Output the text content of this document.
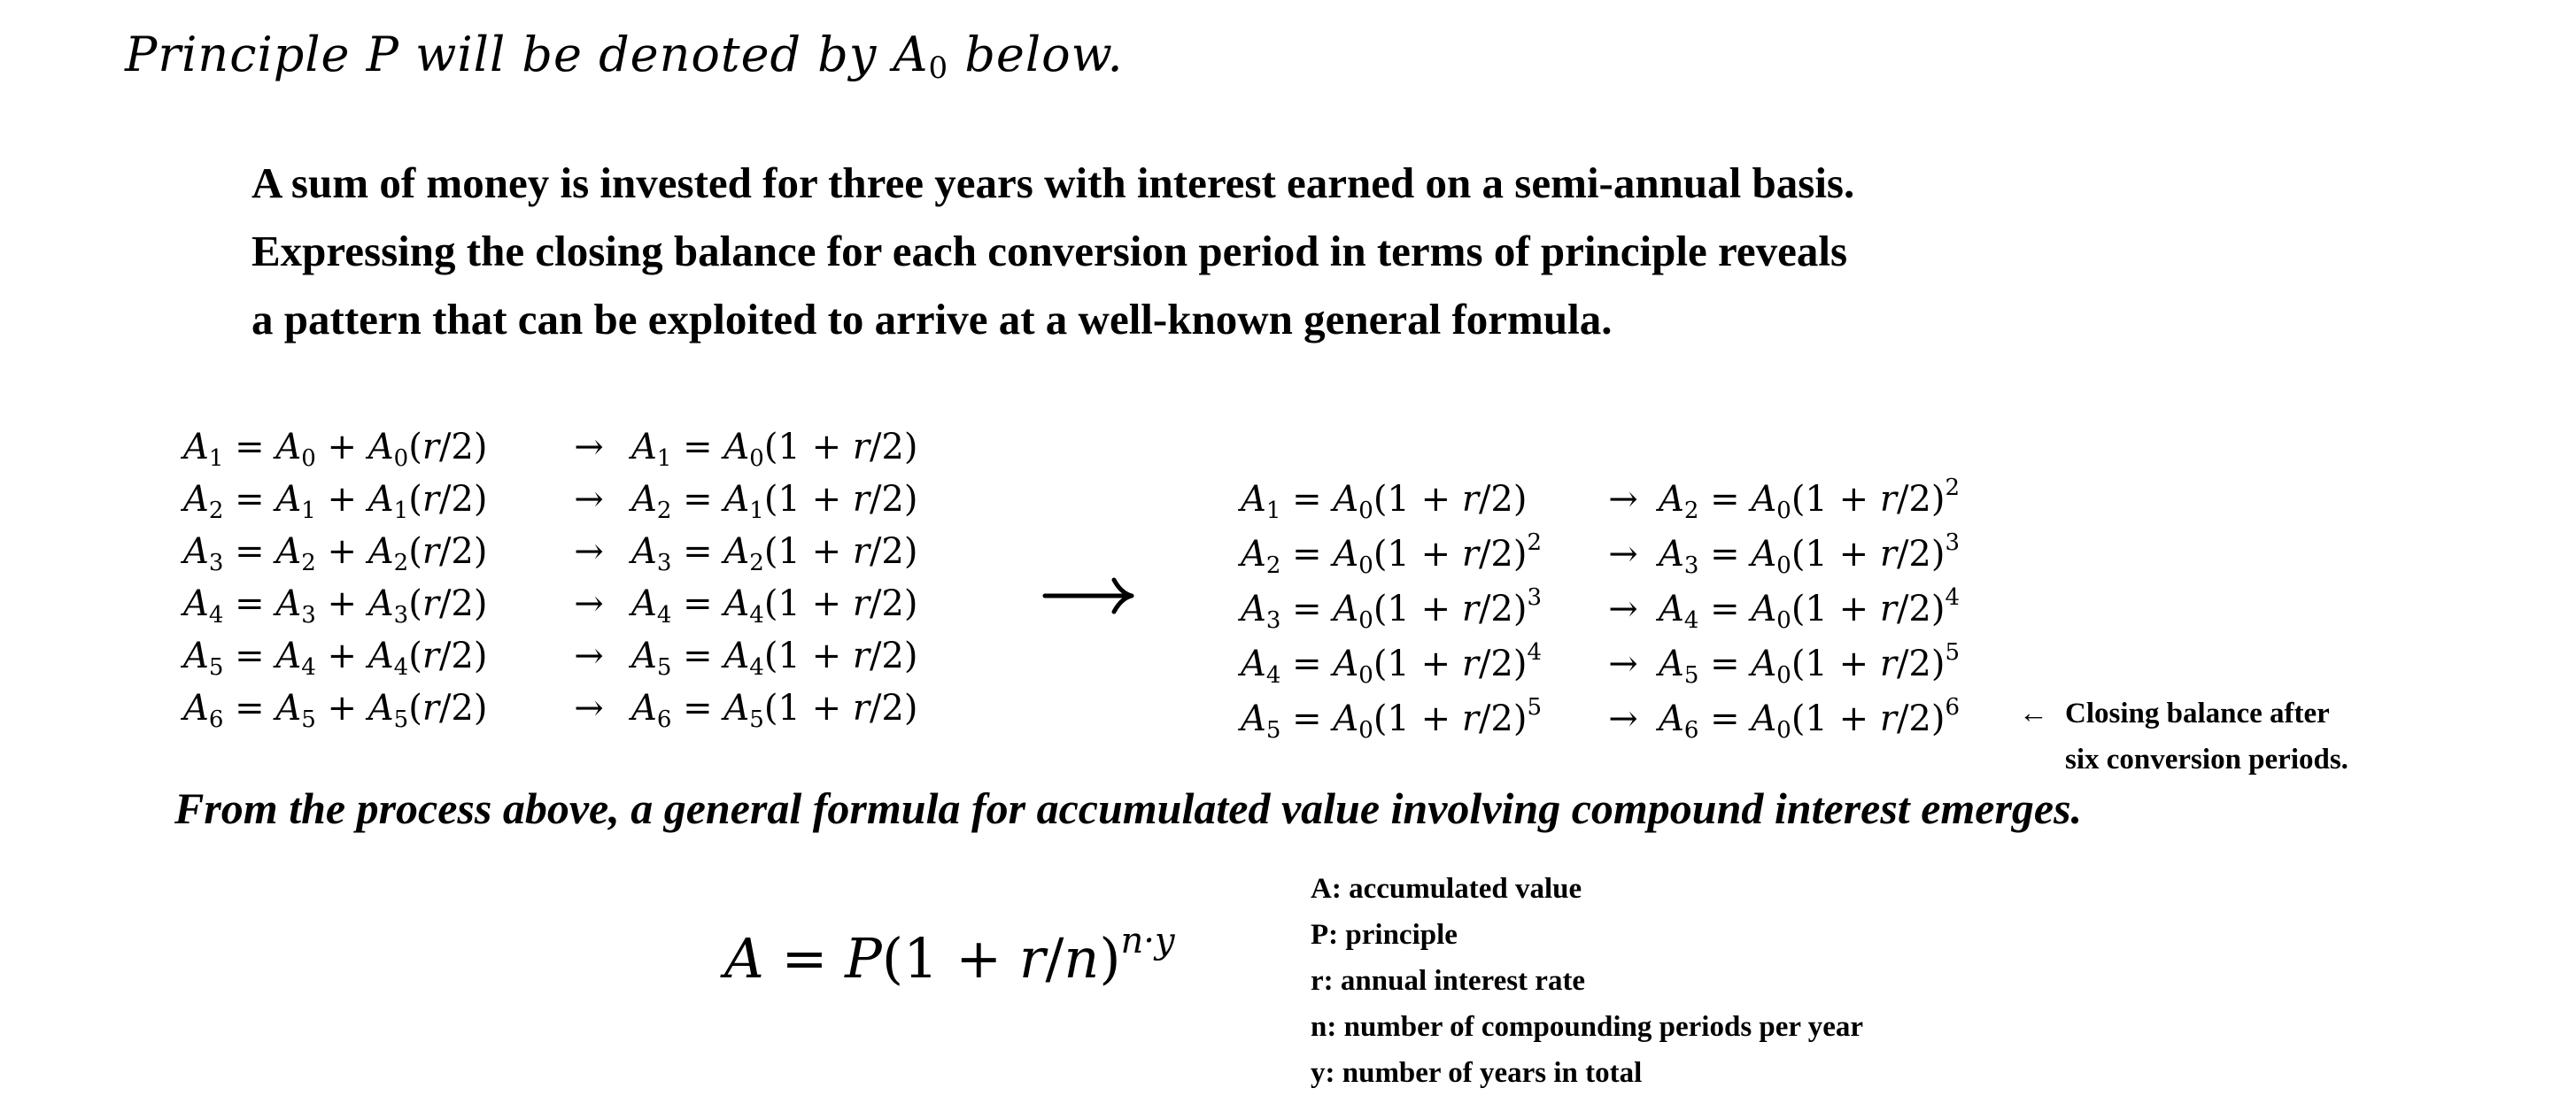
Principle P will be denoted by $A_0$ below.
A sum of money is invested for three years with interest earned on a semi-annual basis.
Expressing the closing balance for each conversion period in terms of principle reveals
a pattern that can be exploited to arrive at a well-known general formula.
$A_1 = A_0 + A_0(r/2)$	→ $A_1 = A_0(1 + r/2)$
$A_2 = A_1 + A_1(r/2)$	→ $A_2 = A_1(1 + r/2)$
$A_3 = A_2 + A_2(r/2)$	→ $A_3 = A_2(1 + r/2)$
$A_4 = A_3 + A_3(r/2)$	→ $A_4 = A_4(1 + r/2)$
$A_5 = A_4 + A_4(r/2)$	→ $A_5 = A_4(1 + r/2)$
$A_6 = A_5 + A_5(r/2)$	→ $A_6 = A_5(1 + r/2)$
$A_1 = A_0(1 + r/2)$	→ $A_2 = A_0(1 + r/2)^2$
$A_2 = A_0(1 + r/2)^2$	→ $A_3 = A_0(1 + r/2)^3$
$A_3 = A_0(1 + r/2)^3$	→ $A_4 = A_0(1 + r/2)^4$
$A_4 = A_0(1 + r/2)^4$	→ $A_5 = A_0(1 + r/2)^5$
$A_5 = A_0(1 + r/2)^5$	→ $A_6 = A_0(1 + r/2)^6$ ← Closing balance after
six conversion periods.
From the process above, a general formula for accumulated value involving compound interest emerges.
$A = P(1 + r/n)^{n\cdot y}$
A: accumulated value
P: principle
r: annual interest rate
n: number of compounding periods per year
y: number of years in total
